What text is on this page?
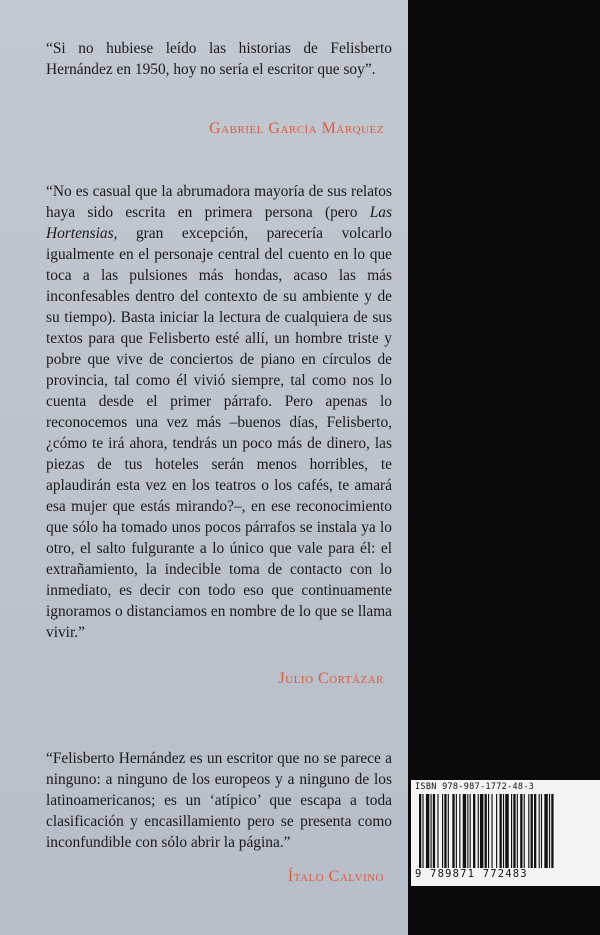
“Si no hubiese leído las historias de Felisberto Hernández en 1950, hoy no sería el escritor que soy”.

Gabriel García Márquez

“No es casual que la abrumadora mayoría de sus relatos haya sido escrita en primera persona (pero Las Hortensias, gran excepción, parecería volcarlo igualmente en el personaje central del cuento en lo que toca a las pulsiones más hondas, acaso las más inconfesables dentro del contexto de su ambiente y de su tiempo). Basta iniciar la lectura de cualquiera de sus textos para que Felisberto esté allí, un hombre triste y pobre que vive de conciertos de piano en círculos de provincia, tal como él vivió siempre, tal como nos lo cuenta desde el primer párrafo. Pero apenas lo reconocemos una vez más –buenos días, Felisberto, ¿cómo te irá ahora, tendrás un poco más de dinero, las piezas de tus hoteles serán menos horribles, te aplaudirán esta vez en los teatros o los cafés, te amará esa mujer que estás mirando?–, en ese reconocimiento que sólo ha tomado unos pocos párrafos se instala ya lo otro, el salto fulgurante a lo único que vale para él: el extrañamiento, la indecible toma de contacto con lo inmediato, es decir con todo eso que continuamente ignoramos o distanciamos en nombre de lo que se llama vivir.”

Julio Cortázar

“Felisberto Hernández es un escritor que no se parece a ninguno: a ninguno de los europeos y a ninguno de los latinoamericanos; es un ‘atípico’ que escapa a toda clasificación y encasillamiento pero se presenta como inconfundible con sólo abrir la página.”

Ítalo Calvino
ISBN 978-987-1772-48-3
9 789871 772483
